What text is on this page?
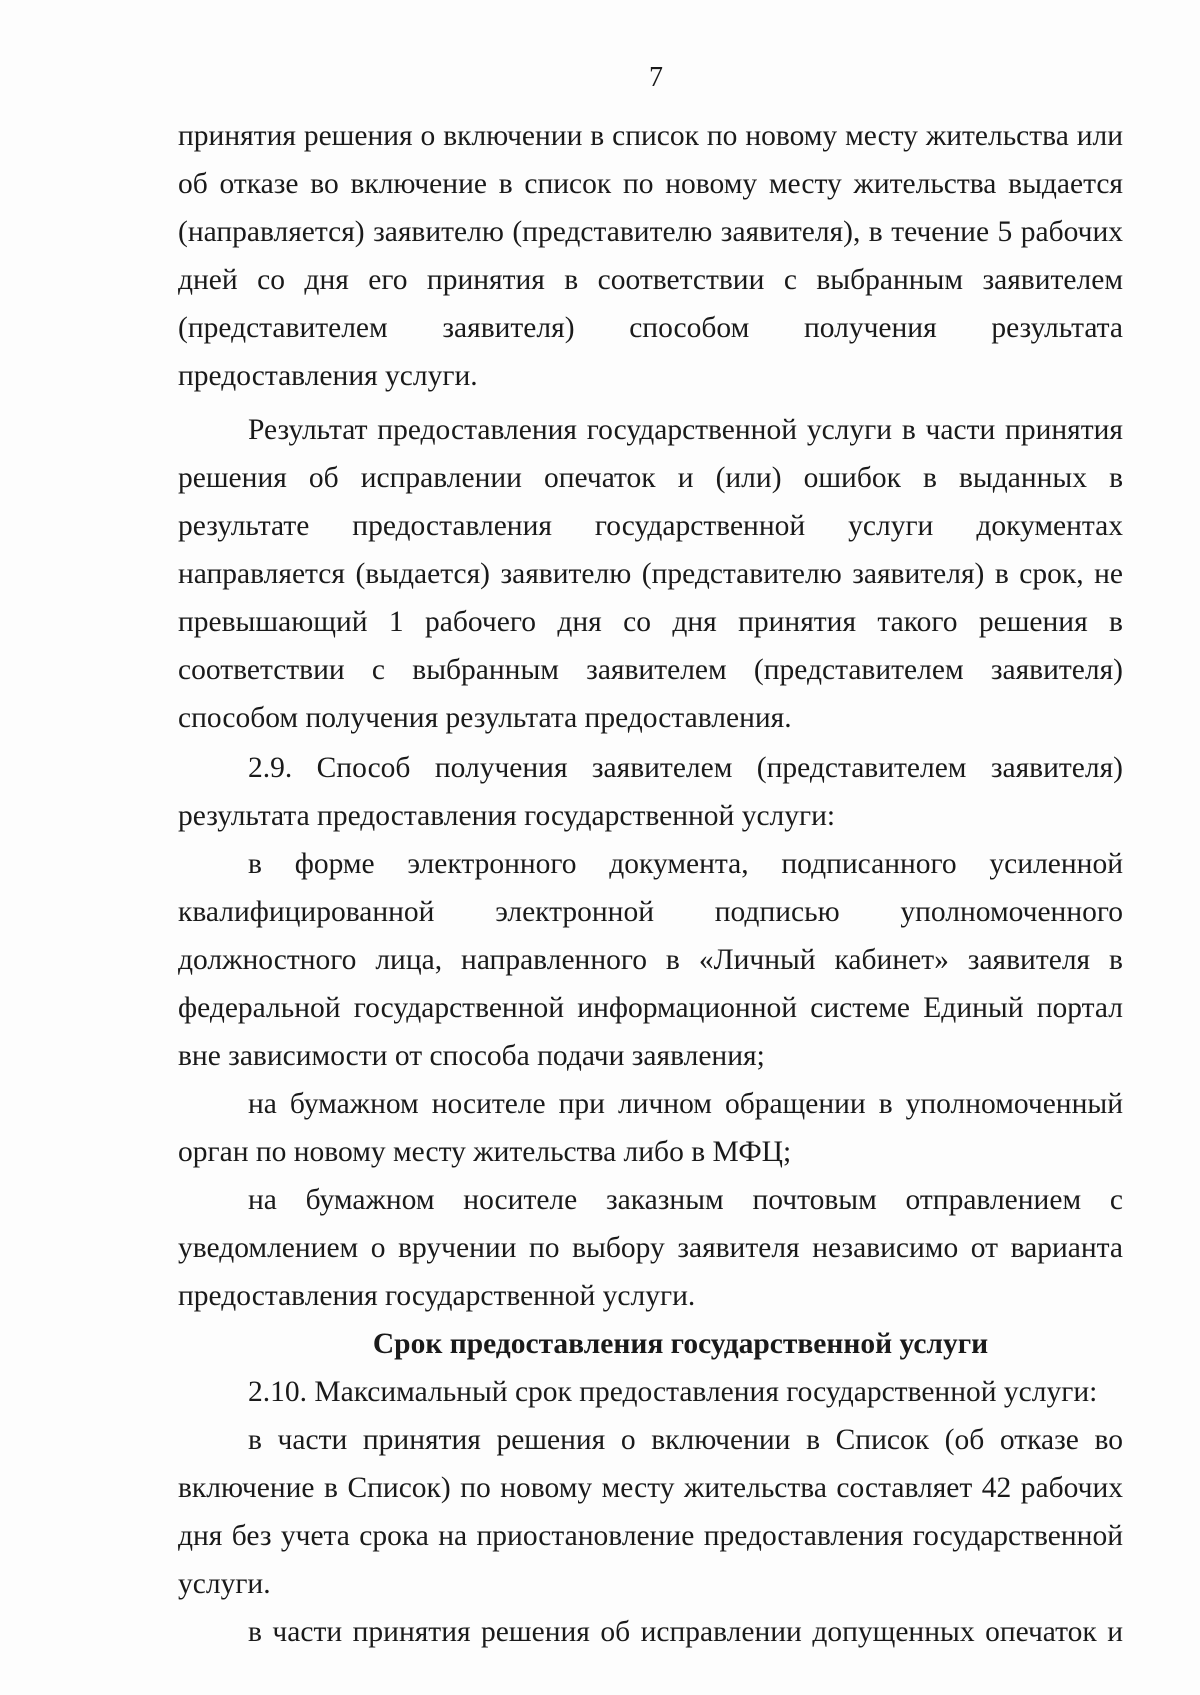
7

принятия решения о включении в список по новому месту жительства или об отказе во включение в список по новому месту жительства выдается (направляется) заявителю (представителю заявителя), в течение 5 рабочих дней со дня его принятия в соответствии с выбранным заявителем (представителем заявителя) способом получения результата предоставления услуги.

Результат предоставления государственной услуги в части принятия решения об исправлении опечаток и (или) ошибок в выданных в результате предоставления государственной услуги документах направляется (выдается) заявителю (представителю заявителя) в срок, не превышающий 1 рабочего дня со дня принятия такого решения в соответствии с выбранным заявителем (представителем заявителя) способом получения результата предоставления.

2.9. Способ получения заявителем (представителем заявителя) результата предоставления государственной услуги:

в форме электронного документа, подписанного усиленной квалифицированной электронной подписью уполномоченного должностного лица, направленного в «Личный кабинет» заявителя в федеральной государственной информационной системе Единый портал вне зависимости от способа подачи заявления;

на бумажном носителе при личном обращении в уполномоченный орган по новому месту жительства либо в МФЦ;

на бумажном носителе заказным почтовым отправлением с уведомлением о вручении по выбору заявителя независимо от варианта предоставления государственной услуги.

Срок предоставления государственной услуги

2.10. Максимальный срок предоставления государственной услуги:

в части принятия решения о включении в Список (об отказе во включение в Список) по новому месту жительства составляет 42 рабочих дня без учета срока на приостановление предоставления государственной услуги.

в части принятия решения об исправлении допущенных опечаток и
